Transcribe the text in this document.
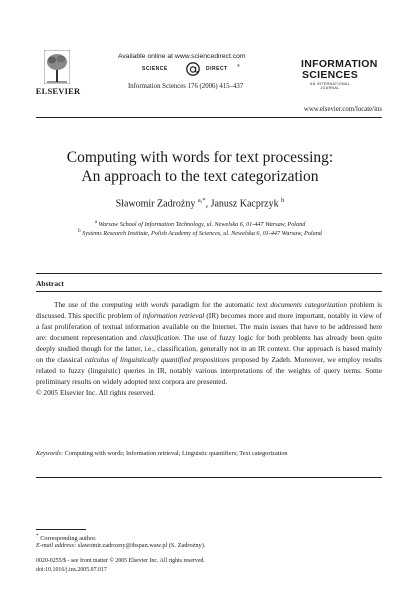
ELSEVIER
Available online at www.sciencedirect.com
SCIENCE	DIRECT
®
Information Sciences 176 (2006) 415–437
INFORMATION
SCIENCES
AN INTERNATIONAL JOURNAL
www.elsevier.com/locate/ins
Computing with words for text processing:
An approach to the text categorization
Sławomir Zadrożny $^{a,*}$, Janusz Kacprzyk $^b$
$^a$ Warsaw School of Information Technology, ul. Newelska 6, 01-447 Warsaw, Poland
$^b$ Systems Research Institute, Polish Academy of Sciences, ul. Newelska 6, 01-447 Warsaw, Poland
Abstract
The use of the computing with words paradigm for the automatic text documents categorization problem is discussed. This specific problem of information retrieval (IR) becomes more and more important, notably in view of a fast proliferation of textual information available on the Internet. The main issues that have to be addressed here are: document representation and classification. The use of fuzzy logic for both problems has already been quite deeply studied though for the latter, i.e., classification, generally not in an IR context. Our approach is based mainly on the classical calculus of linguistically quantified propositions proposed by Zadeh. Moreover, we employ results related to fuzzy (linguistic) queries in IR, notably various interpretations of the weights of query terms. Some preliminary results on widely adopted text corpora are presented.
© 2005 Elsevier Inc. All rights reserved.
Keywords: Computing with words; Information retrieval; Linguistic quantifiers; Text categorization
* Corresponding author.
E-mail address: slawomir.zadrozny@ibspan.waw.pl (S. Zadrożny).
0020-0255/$ - see front matter © 2005 Elsevier Inc. All rights reserved.
doi:10.1016/j.ins.2005.07.017
